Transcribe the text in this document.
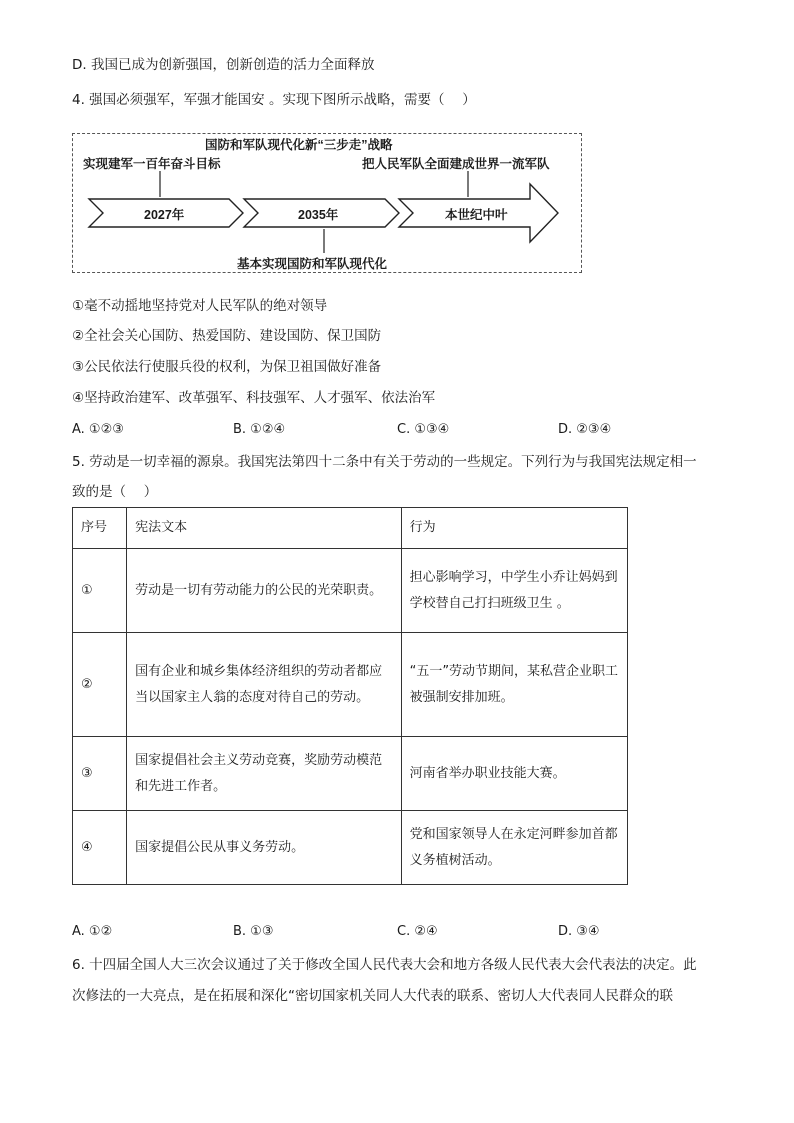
D. 我国已成为创新强国，创新创造的活力全面释放
4. 强国必须强军，军强才能国安 。实现下图所示战略，需要（　 ）
国防和军队现代化新“三步走”战略
实现建军一百年奋斗目标	把人民军队全面建成世界一流军队
2027年	2035年	本世纪中叶
基本实现国防和军队现代化
①毫不动摇地坚持党对人民军队的绝对领导
②全社会关心国防、热爱国防、建设国防、保卫国防
③公民依法行使服兵役的权利，为保卫祖国做好准备
④坚持政治建军、改革强军、科技强军、人才强军、依法治军
A. ①②③	B. ①②④	C. ①③④	D. ②③④
5. 劳动是一切幸福的源泉。我国宪法第四十二条中有关于劳动的一些规定。下列行为与我国宪法规定相一
致的是（　 ）
序号	宪法文本	行为
①	劳动是一切有劳动能力的公民的光荣职责。	担心影响学习，中学生小乔让妈妈到学校替自己打扫班级卫生 。
②	国有企业和城乡集体经济组织的劳动者都应当以国家主人翁的态度对待自己的劳动。	“五一”劳动节期间，某私营企业职工被强制安排加班。
③	国家提倡社会主义劳动竞赛，奖励劳动模范和先进工作者。	河南省举办职业技能大赛。
④	国家提倡公民从事义务劳动。	党和国家领导人在永定河畔参加首都义务植树活动。
A. ①②	B. ①③	C. ②④	D. ③④
6. 十四届全国人大三次会议通过了关于修改全国人民代表大会和地方各级人民代表大会代表法的决定。此
次修法的一大亮点，是在拓展和深化“密切国家机关同人大代表的联系、密切人大代表同人民群众的联
